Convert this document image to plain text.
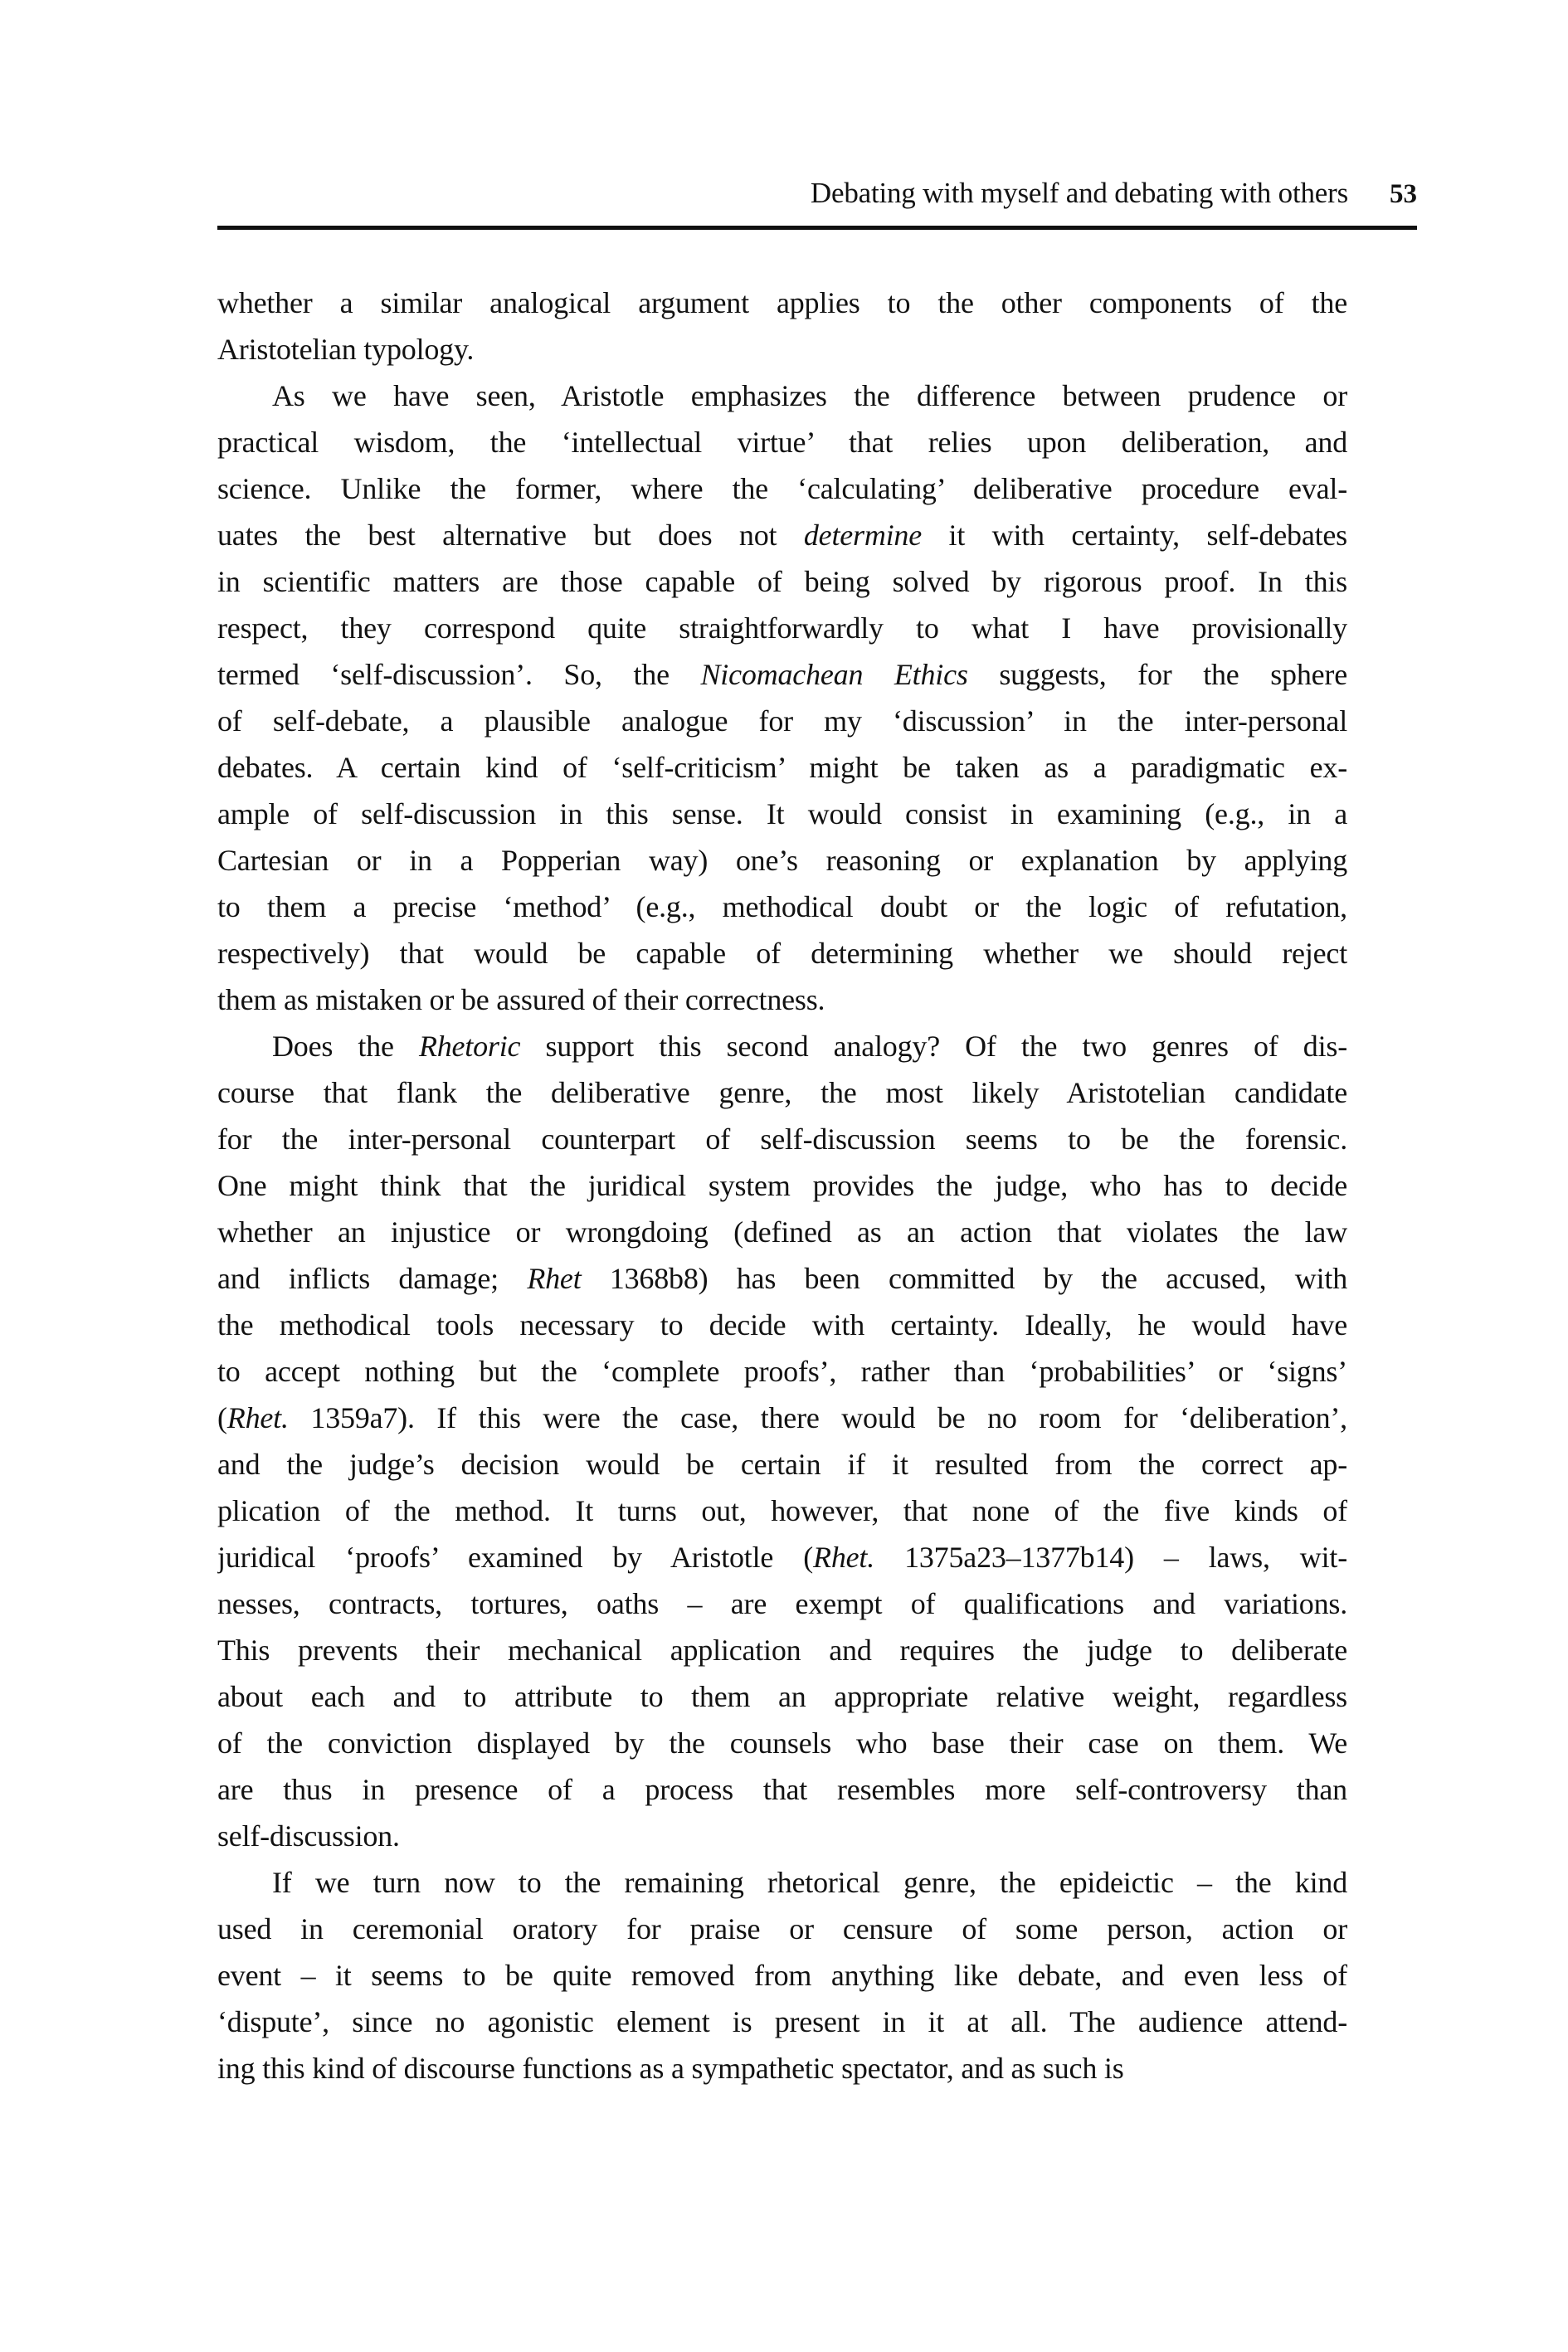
Debating with myself and debating with others 53
whether a similar analogical argument applies to the other components of the
Aristotelian typology.
As we have seen, Aristotle emphasizes the difference between prudence or
practical wisdom, the ‘intellectual virtue’ that relies upon deliberation, and
science. Unlike the former, where the ‘calculating’ deliberative procedure eval-
uates the best alternative but does not determine it with certainty, self-debates
in scientific matters are those capable of being solved by rigorous proof. In this
respect, they correspond quite straightforwardly to what I have provisionally
termed ‘self-discussion’. So, the Nicomachean Ethics suggests, for the sphere
of self-debate, a plausible analogue for my ‘discussion’ in the inter-personal
debates. A certain kind of ‘self-criticism’ might be taken as a paradigmatic ex-
ample of self-discussion in this sense. It would consist in examining (e.g., in a
Cartesian or in a Popperian way) one’s reasoning or explanation by applying
to them a precise ‘method’ (e.g., methodical doubt or the logic of refutation,
respectively) that would be capable of determining whether we should reject
them as mistaken or be assured of their correctness.
Does the Rhetoric support this second analogy? Of the two genres of dis-
course that flank the deliberative genre, the most likely Aristotelian candidate
for the inter-personal counterpart of self-discussion seems to be the forensic.
One might think that the juridical system provides the judge, who has to decide
whether an injustice or wrongdoing (defined as an action that violates the law
and inflicts damage; Rhet 1368b8) has been committed by the accused, with
the methodical tools necessary to decide with certainty. Ideally, he would have
to accept nothing but the ‘complete proofs’, rather than ‘probabilities’ or ‘signs’
(Rhet. 1359a7). If this were the case, there would be no room for ‘deliberation’,
and the judge’s decision would be certain if it resulted from the correct ap-
plication of the method. It turns out, however, that none of the five kinds of
juridical ‘proofs’ examined by Aristotle (Rhet. 1375a23–1377b14) – laws, wit-
nesses, contracts, tortures, oaths – are exempt of qualifications and variations.
This prevents their mechanical application and requires the judge to deliberate
about each and to attribute to them an appropriate relative weight, regardless
of the conviction displayed by the counsels who base their case on them. We
are thus in presence of a process that resembles more self-controversy than
self-discussion.
If we turn now to the remaining rhetorical genre, the epideictic – the kind
used in ceremonial oratory for praise or censure of some person, action or
event – it seems to be quite removed from anything like debate, and even less of
‘dispute’, since no agonistic element is present in it at all. The audience attend-
ing this kind of discourse functions as a sympathetic spectator, and as such is
